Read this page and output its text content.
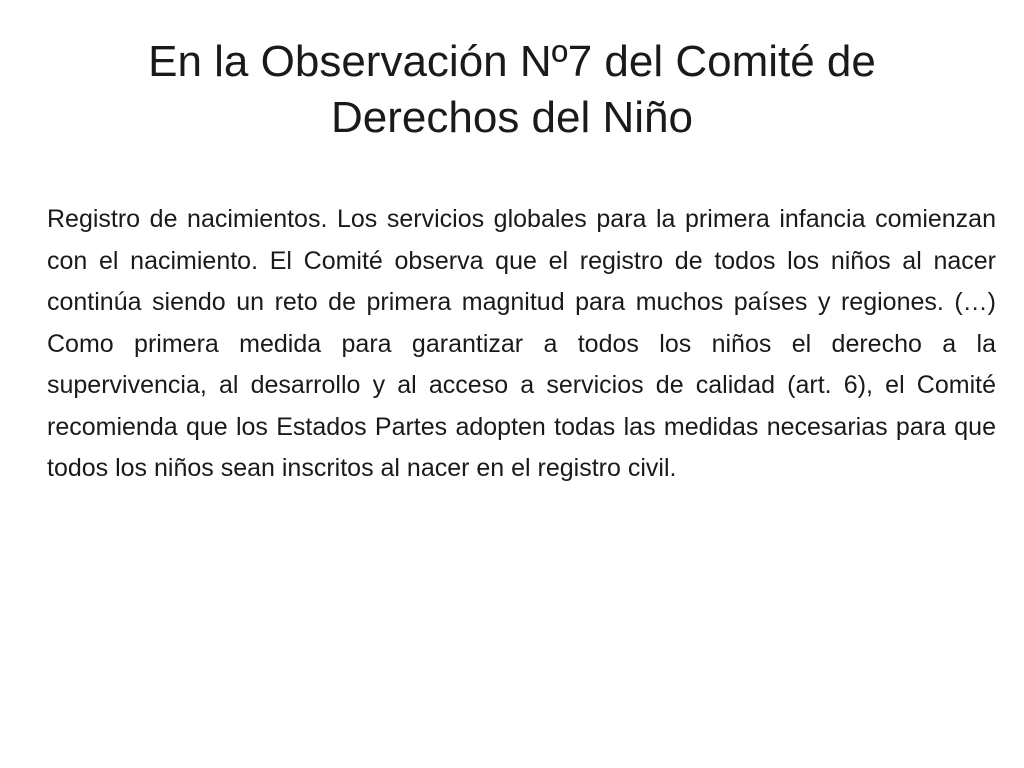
En la Observación Nº7 del Comité de Derechos del Niño

Registro de nacimientos. Los servicios globales para la primera infancia comienzan con el nacimiento. El Comité observa que el registro de todos los niños al nacer continúa siendo un reto de primera magnitud para muchos países y regiones. (…) Como primera medida para garantizar a todos los niños el derecho a la supervivencia, al desarrollo y al acceso a servicios de calidad (art. 6), el Comité recomienda que los Estados Partes adopten todas las medidas necesarias para que todos los niños sean inscritos al nacer en el registro civil.
